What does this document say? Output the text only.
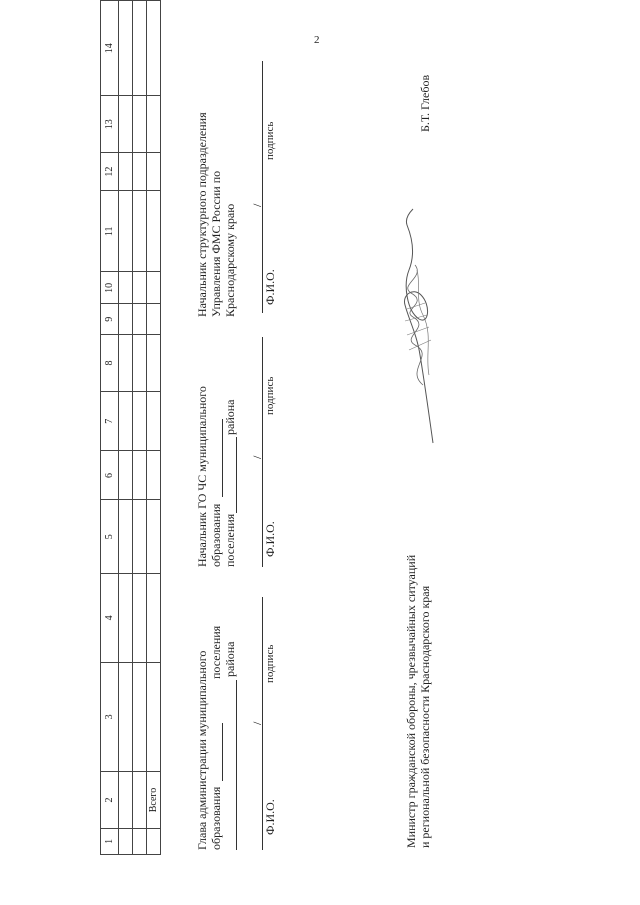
2
1	2	3	4	5	6	7	8	9	10	11	12	13	14

	Всего													Глава администрации муниципального образования
поселения района
Ф.И.О.
/
подпись
Начальник ГО ЧС муниципального образования поселения
района
Ф.И.О.
/
подпись
Начальник структурного подразделения Управления ФМС России по Краснодарскому краю Ф.И.О.
/
подпись
Министр гражданской обороны, чрезвычайных ситуаций и региональной безопасности Краснодарского края
Б.Т. Глебов
